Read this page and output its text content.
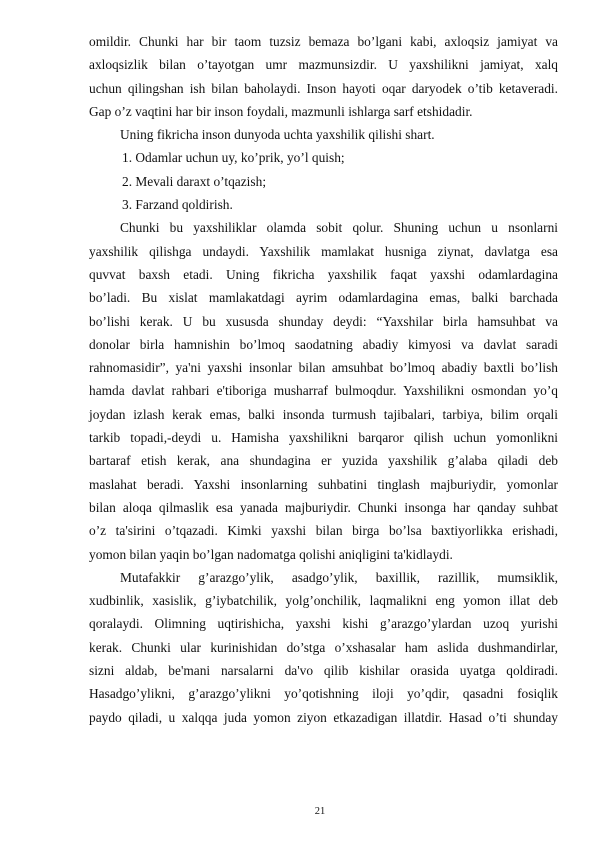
omildir. Chunki har bir taom tuzsiz bemaza bo’lgani kabi, axloqsiz jamiyat va
axloqsizlik bilan o’tayotgan umr mazmunsizdir. U yaxshilikni jamiyat, xalq
uchun qilingshan ish bilan baholaydi. Inson hayoti oqar daryodek o’tib ketaveradi.
Gap o’z vaqtini har bir inson foydali, mazmunli ishlarga sarf etshidadir.
Uning fikricha inson dunyoda uchta yaxshilik qilishi shart.
1. Odamlar uchun uy, ko’prik, yo’l quish;
2. Mevali daraxt o’tqazish;
3. Farzand qoldirish.
Chunki bu yaxshiliklar olamda sobit qolur. Shuning uchun u nsonlarni
yaxshilik qilishga undaydi. Yaxshilik mamlakat husniga ziynat, davlatga esa
quvvat baxsh etadi. Uning fikricha yaxshilik faqat yaxshi odamlardagina
bo’ladi. Bu xislat mamlakatdagi ayrim odamlardagina emas, balki barchada
bo’lishi kerak. U bu xususda shunday deydi: “Yaxshilar birla hamsuhbat va
donolar birla hamnishin bo’lmoq saodatning abadiy kimyosi va davlat saradi
rahnomasidir”, ya'ni yaxshi insonlar bilan amsuhbat bo’lmoq abadiy baxtli bo’lish
hamda davlat rahbari e'tiboriga musharraf bulmoqdur. Yaxshilikni osmondan yo’q
joydan izlash kerak emas, balki insonda turmush tajibalari, tarbiya, bilim orqali
tarkib topadi,-deydi u. Hamisha yaxshilikni barqaror qilish uchun yomonlikni
bartaraf etish kerak, ana shundagina er yuzida yaxshilik g’alaba qiladi deb
maslahat beradi. Yaxshi insonlarning suhbatini tinglash majburiydir, yomonlar
bilan aloqa qilmaslik esa yanada majburiydir. Chunki insonga har qanday suhbat
o’z ta'sirini o’tqazadi. Kimki yaxshi bilan birga bo’lsa baxtiyorlikka erishadi,
yomon bilan yaqin bo’lgan nadomatga qolishi aniqligini ta'kidlaydi.
Mutafakkir g’arazgo’ylik, asadgo’ylik, baxillik, razillik, mumsiklik,
xudbinlik, xasislik, g’iybatchilik, yolg’onchilik, laqmalikni eng yomon illat deb
qoralaydi. Olimning uqtirishicha, yaxshi kishi g’arazgo’ylardan uzoq yurishi
kerak. Chunki ular kurinishidan do’stga o’xshasalar ham aslida dushmandirlar,
sizni aldab, be'mani narsalarni da'vo qilib kishilar orasida uyatga qoldiradi.
Hasadgo’ylikni, g’arazgo’ylikni yo’qotishning iloji yo’qdir, qasadni fosiqlik
paydo qiladi, u xalqqa juda yomon ziyon etkazadigan illatdir. Hasad o’ti shunday
21
